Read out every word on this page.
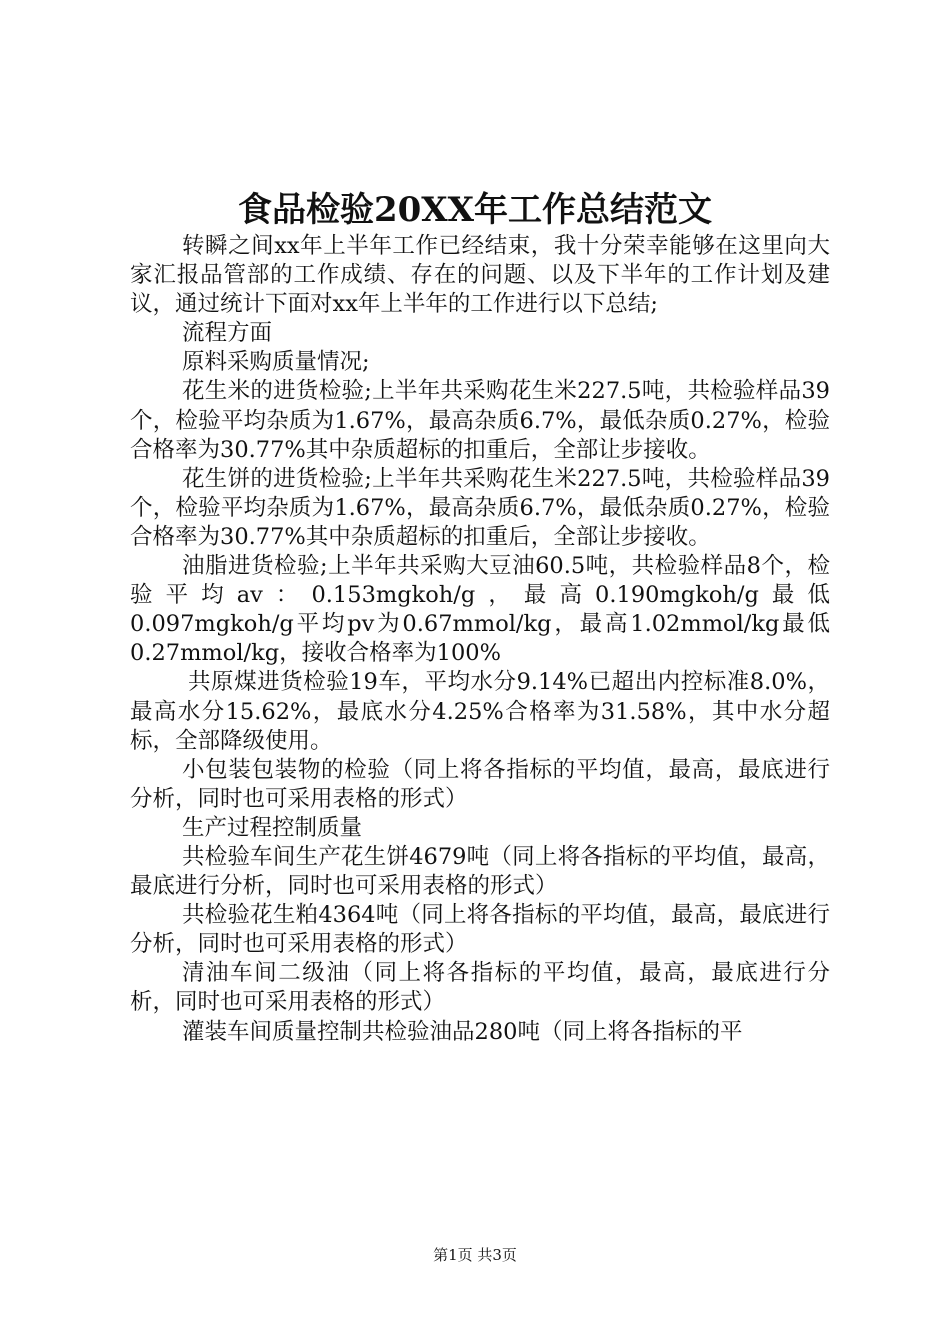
食品检验20XX年工作总结范文

转瞬之间xx年上半年工作已经结束，我十分荣幸能够在这里向大家汇报品管部的工作成绩、存在的问题、以及下半年的工作计划及建议，通过统计下面对xx年上半年的工作进行以下总结;

流程方面

原料采购质量情况;

花生米的进货检验;上半年共采购花生米227.5吨，共检验样品39个，检验平均杂质为1.67%，最高杂质6.7%，最低杂质0.27%，检验合格率为30.77%其中杂质超标的扣重后，全部让步接收。

花生饼的进货检验;上半年共采购花生米227.5吨，共检验样品39个，检验平均杂质为1.67%，最高杂质6.7%，最低杂质0.27%，检验合格率为30.77%其中杂质超标的扣重后，全部让步接收。

油脂进货检验;上半年共采购大豆油60.5吨，共检验样品8个，检验平均av：0.153mgkoh/g，最高0.190mgkoh/g最低0.097mgkoh/g平均pv为0.67mmol/kg，最高1.02mmol/kg最低0.27mmol/kg，接收合格率为100%

共原煤进货检验19车，平均水分9.14%已超出内控标准8.0%，最高水分15.62%，最底水分4.25%合格率为31.58%，其中水分超标，全部降级使用。

小包装包装物的检验（同上将各指标的平均值，最高，最底进行分析，同时也可采用表格的形式）

生产过程控制质量

共检验车间生产花生饼4679吨（同上将各指标的平均值，最高，最底进行分析，同时也可采用表格的形式）

共检验花生粕4364吨（同上将各指标的平均值，最高，最底进行分析，同时也可采用表格的形式）

清油车间二级油（同上将各指标的平均值，最高，最底进行分析，同时也可采用表格的形式）

灌装车间质量控制共检验油品280吨（同上将各指标的平

第1页 共3页
